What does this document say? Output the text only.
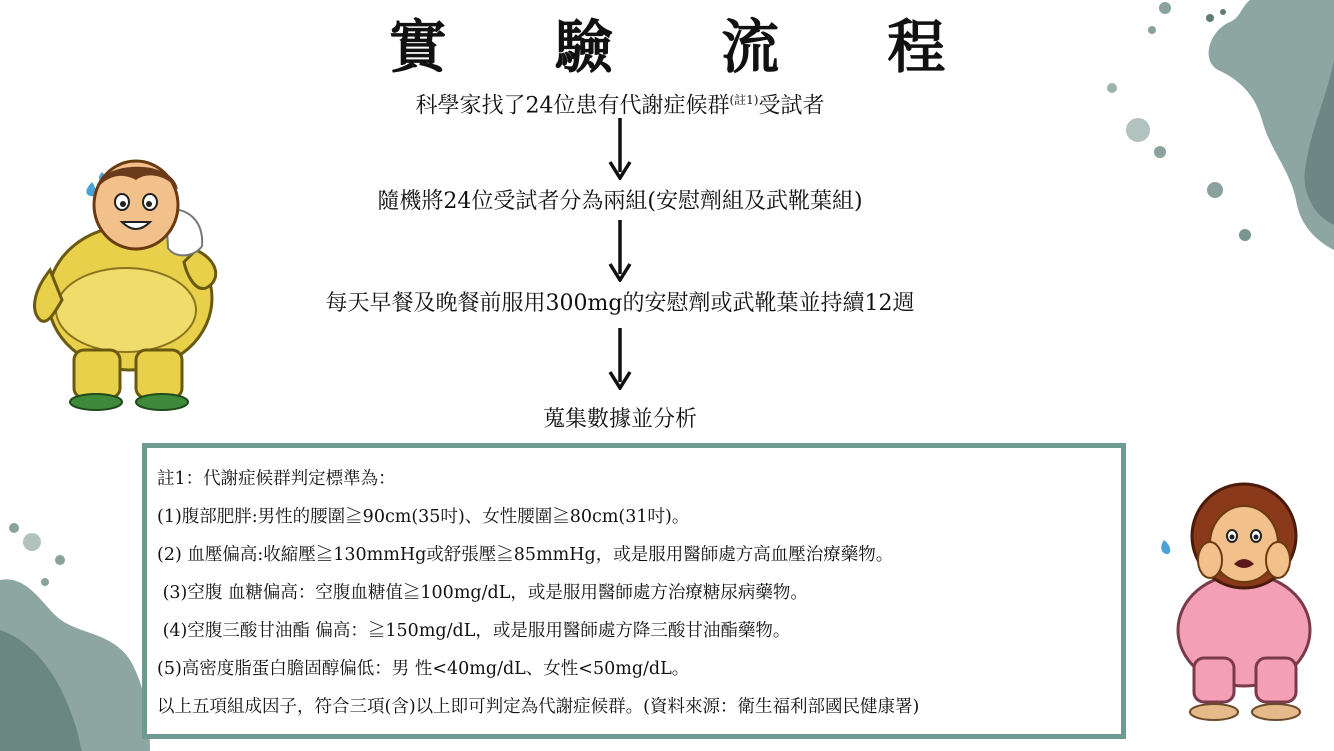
實 驗 流 程
科學家找了24位患有代謝症候群$^{(註1)}$受試者
隨機將24位受試者分為兩組(安慰劑組及武靴葉組)
每天早餐及晚餐前服用300mg的安慰劑或武靴葉並持續12週
蒐集數據並分析
註1：代謝症候群判定標準為：
(1)腹部肥胖:男性的腰圍≧90cm(35吋)、女性腰圍≧80cm(31吋)。
(2) 血壓偏高:收縮壓≧130mmHg或舒張壓≧85mmHg，或是服用醫師處方高血壓治療藥物。
(3)空腹 血糖偏高：空腹血糖值≧100mg/dL，或是服用醫師處方治療糖尿病藥物。
(4)空腹三酸甘油酯 偏高：≧150mg/dL，或是服用醫師處方降三酸甘油酯藥物。
(5)高密度脂蛋白膽固醇偏低：男 性<40mg/dL、女性<50mg/dL。
以上五項組成因子，符合三項(含)以上即可判定為代謝症候群。(資料來源：衛生福利部國民健康署)
